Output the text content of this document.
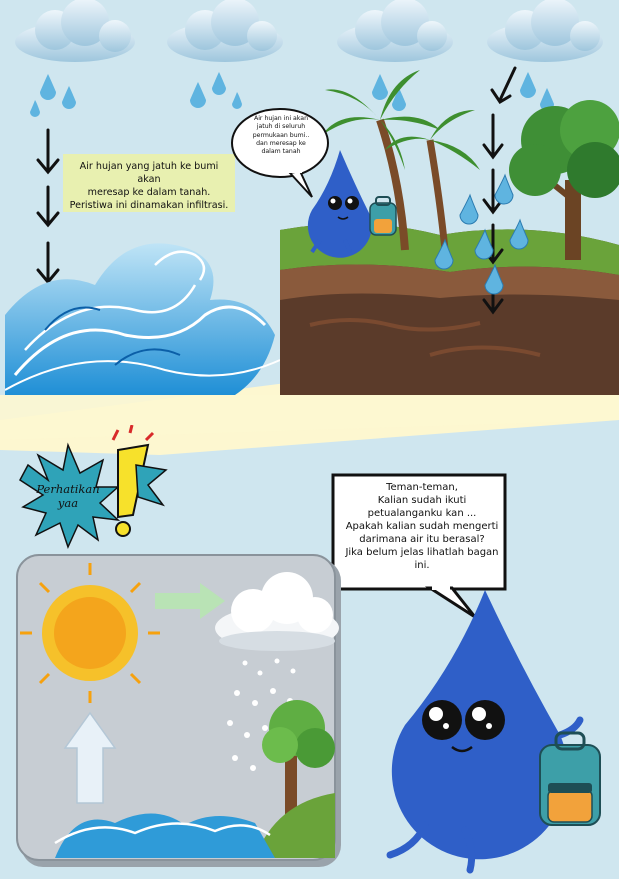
Air hujan yang jatuh ke bumi akan
meresap ke dalam tanah.
Peristiwa ini dinamakan infiltrasi.
Air hujan ini akan
jatuh di seluruh
permukaan bumi..
dan meresap ke
dalam tanah
Perhatikan
yaa
Teman-teman,
Kalian sudah ikuti
petualanganku kan ...
Apakah kalian sudah mengerti
darimana air itu berasal?
Jika belum jelas lihatlah bagan
ini.
